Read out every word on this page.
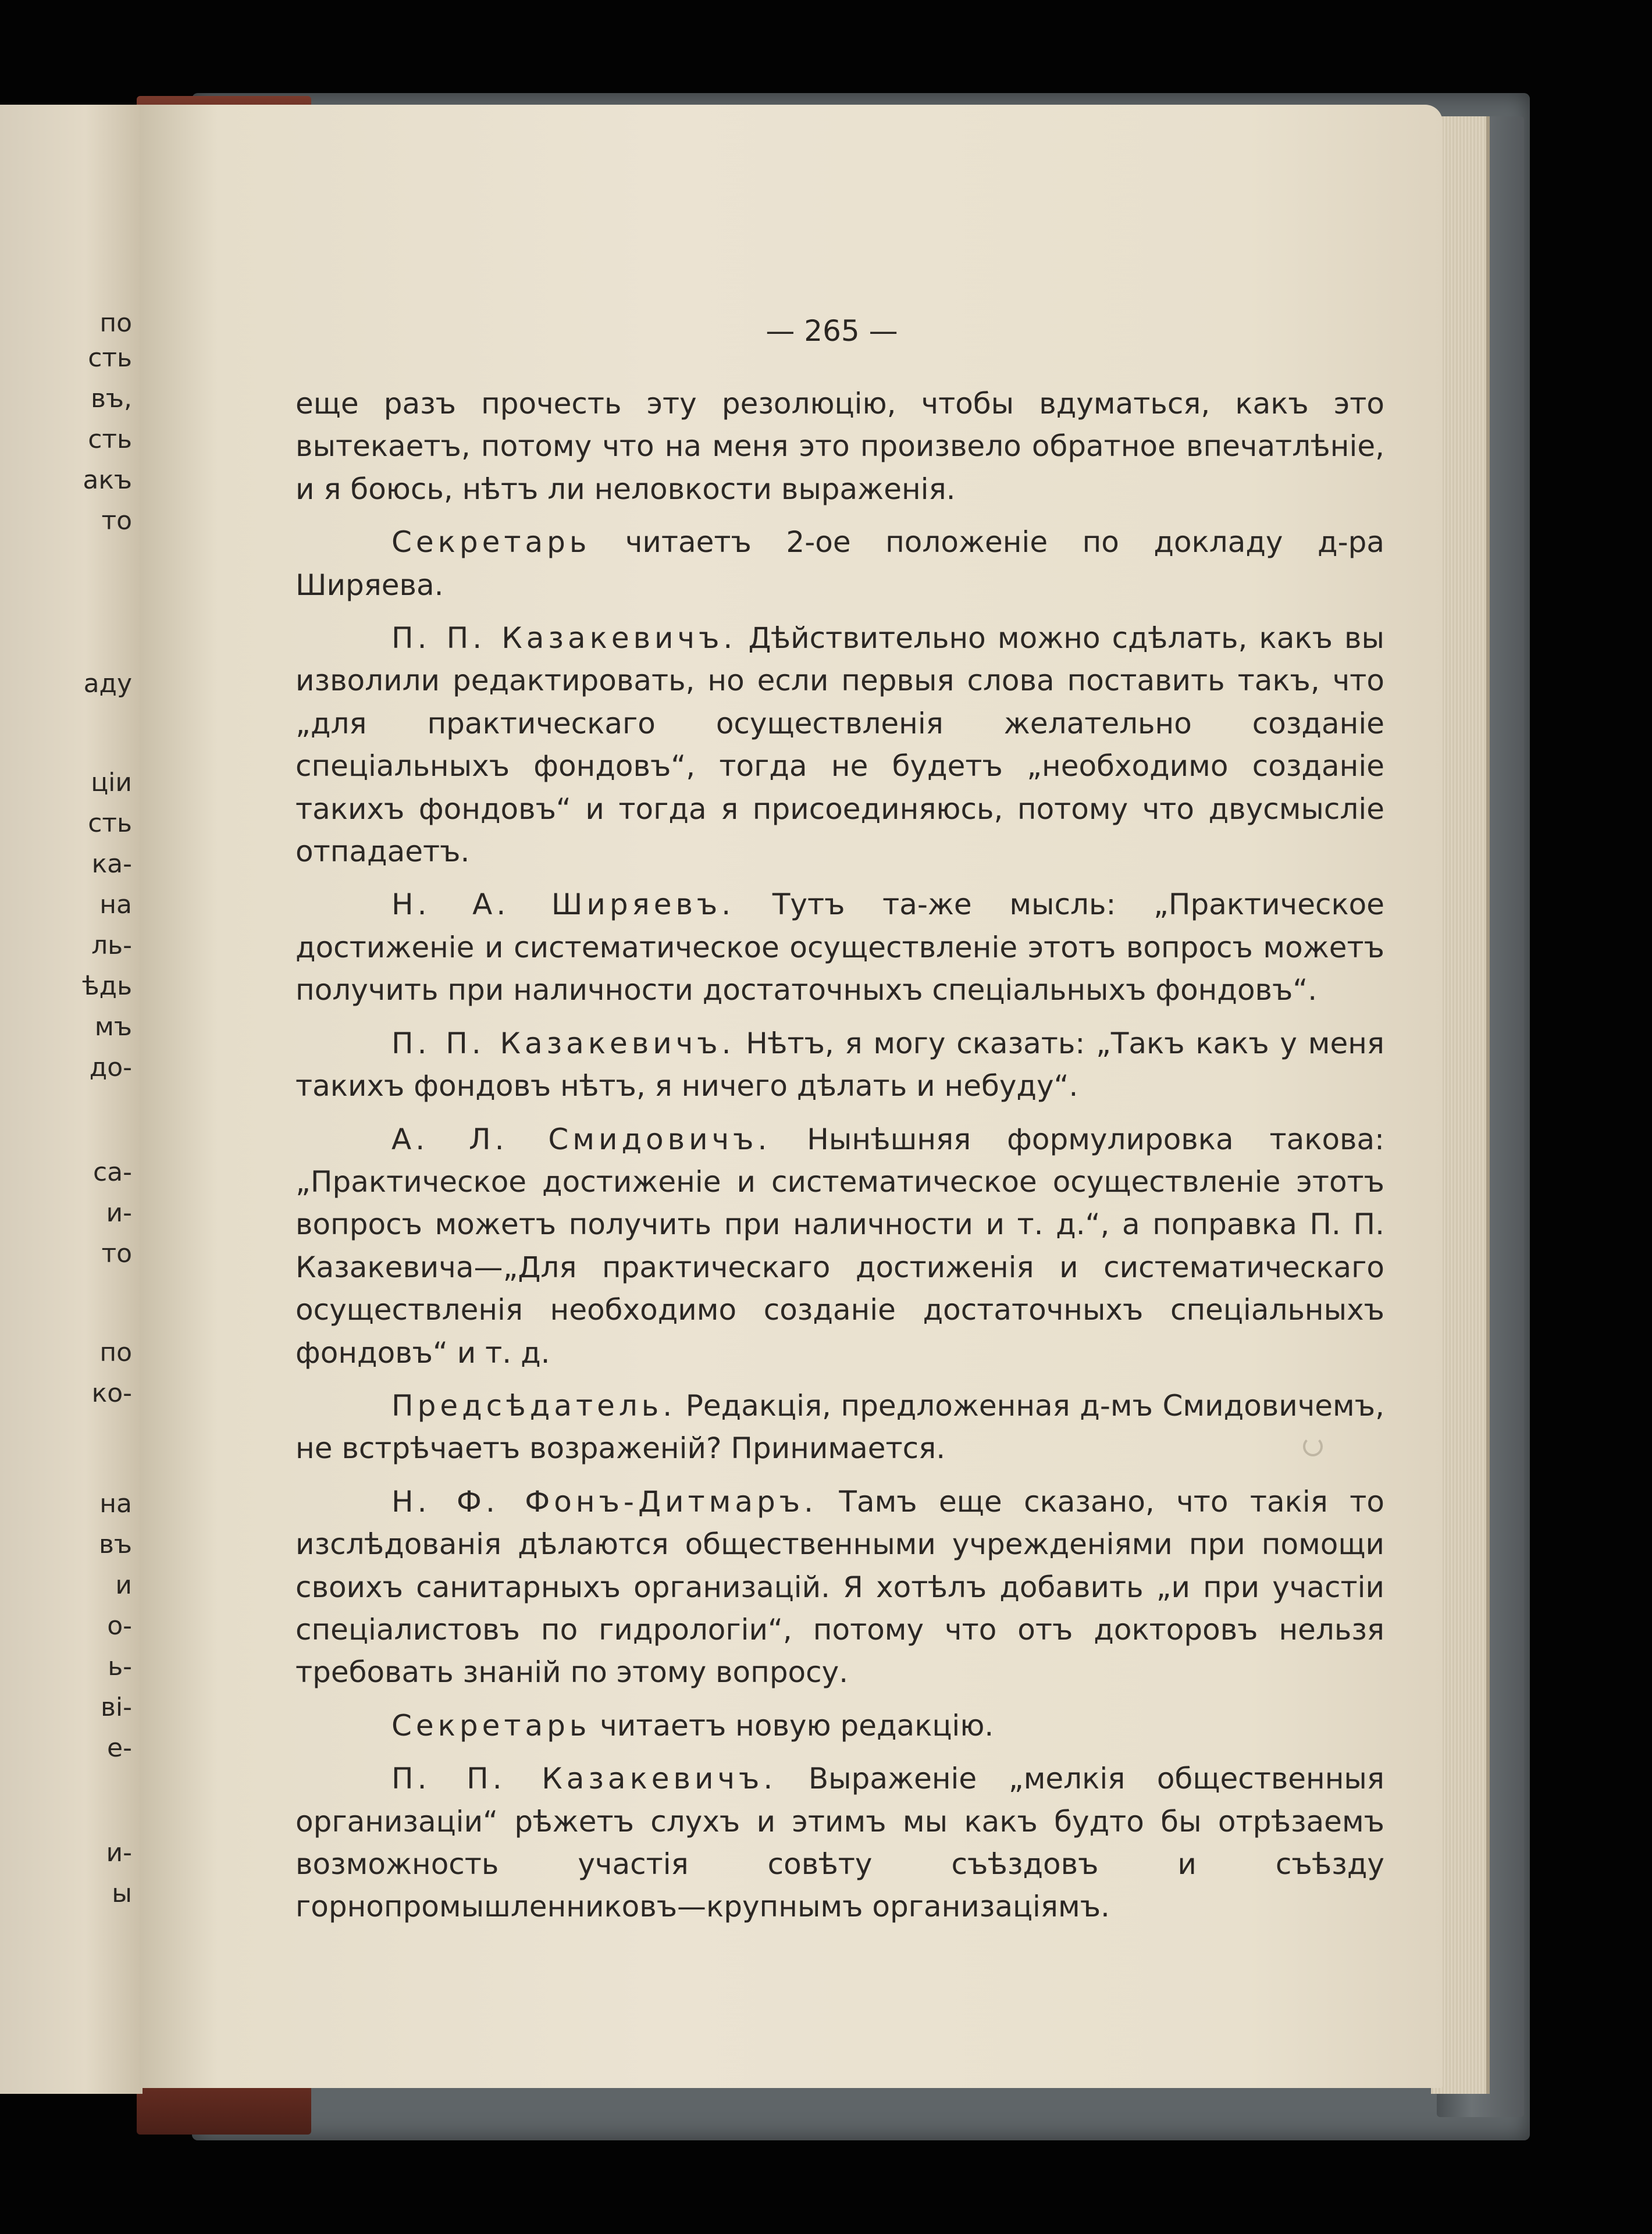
по
сть
въ,
сть
акъ
то
аду
ціи
сть
ка-
на
ль-
ѣдь
мъ
до-
са-
и-
то
по
ко-
на
въ
и
о-
ь-
ві-
е-
и-
ы
— 265 —

еще разъ прочесть эту резолюцію, чтобы вдуматься, какъ это вытекаетъ, потому что на меня это произвело обратное впечатлѣніе, и я боюсь, нѣтъ ли неловкости выраженія.

Секретарь читаетъ 2-ое положеніе по докладу д-ра Ширяева.

П. П. Казакевичъ. Дѣйствительно можно сдѣлать, какъ вы изволили редактировать, но если первыя слова поставить такъ, что „для практическаго осуществленія желательно созданіе спеціальныхъ фондовъ“, тогда не будетъ „необходимо созданіе такихъ фондовъ“ и тогда я присоединяюсь, потому что двусмысліе отпадаетъ.

Н. А. Ширяевъ. Тутъ та-же мысль: „Практическое достиженіе и систематическое осуществленіе этотъ вопросъ можетъ получить при наличности достаточныхъ спеціальныхъ фондовъ“.

П. П. Казакевичъ. Нѣтъ, я могу сказать: „Такъ какъ у меня такихъ фондовъ нѣтъ, я ничего дѣлать и небуду“.

А. Л. Смидовичъ. Нынѣшняя формулировка такова: „Практическое достиженіе и систематическое осуществленіе этотъ вопросъ можетъ получить при наличности и т. д.“, а поправка П. П. Казакевича—„Для практическаго достиженія и систематическаго осуществленія необходимо созданіе достаточныхъ спеціальныхъ фондовъ“ и т. д.

Предсѣдатель. Редакція, предложенная д-мъ Смидовичемъ, не встрѣчаетъ возраженій? Принимается.

Н. Ф. Фонъ-Дитмаръ. Тамъ еще сказано, что такія то изслѣдованія дѣлаются общественными учрежденіями при помощи своихъ санитарныхъ организацій. Я хотѣлъ добавить „и при участіи спеціалистовъ по гидрологіи“, потому что отъ докторовъ нельзя требовать знаній по этому вопросу.

Секретарь читаетъ новую редакцію.

П. П. Казакевичъ. Выраженіе „мелкія общественныя организаціи“ рѣжетъ слухъ и этимъ мы какъ будто бы отрѣзаемъ возможность участія совѣту съѣздовъ и съѣзду горнопромышленниковъ—крупнымъ организаціямъ.
